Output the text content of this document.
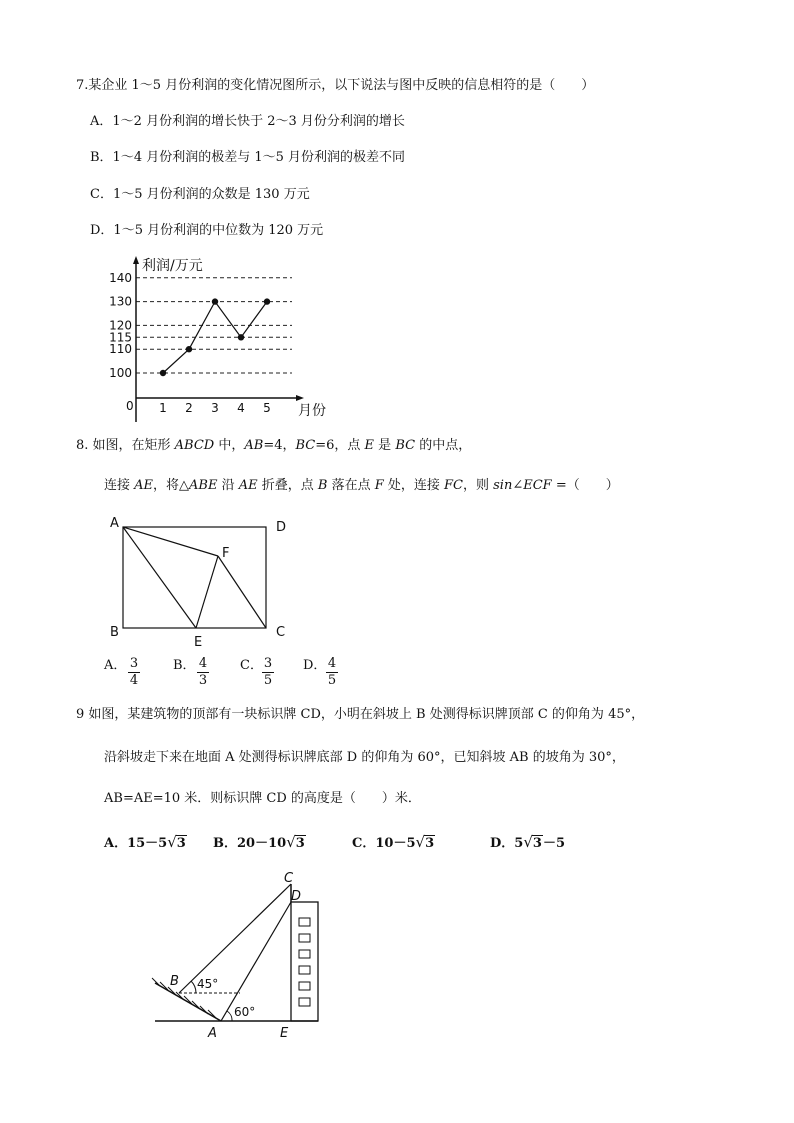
7.某企业 1～5 月份利润的变化情况图所示，以下说法与图中反映的信息相符的是（　　）
A．1～2 月份利润的增长快于 2～3 月份分利润的增长
B．1～4 月份利润的极差与 1～5 月份利润的极差不同
C．1～5 月份利润的众数是 130 万元
D．1～5 月份利润的中位数为 120 万元
利润/万元
月份
0
100
110
115
120
130
140
1 2 3 4 5
8. 如图，在矩形 ABCD 中，AB=4，BC=6，点 E 是 BC 的中点，
连接 AE，将△ABE 沿 AE 折叠，点 B 落在点 F 处，连接 FC，则 sin∠ECF =（　　）
A	D
F
B	C
E
A． 3
4
B． 4
3
C． 3
5
D． 4
5
9 如图，某建筑物的顶部有一块标识牌 CD，小明在斜坡上 B 处测得标识牌顶部 C 的仰角为 45°，
沿斜坡走下来在地面 A 处测得标识牌底部 D 的仰角为 60°，已知斜坡 AB 的坡角为 30°，
AB=AE=10 米．则标识牌 CD 的高度是（　　）米．
A．15－5√3 B．20－10√3	C．10－5√3	D．5√3－5
C
D
B 45°
60°
A	E
